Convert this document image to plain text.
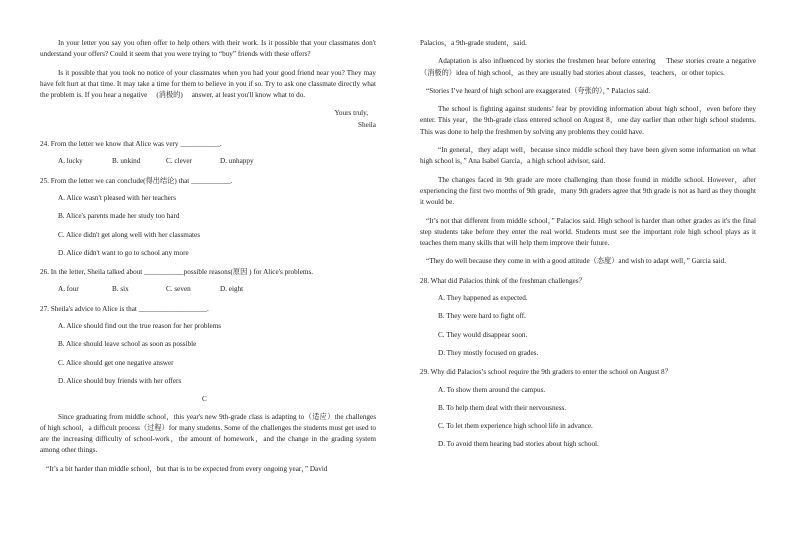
In your letter you say you often offer to help others with their work. Is it possible that your classmates don't understand your offers? Could it seem that you were trying to “buy” friends with these offers?

Is it possible that you took no notice of your classmates when you had your good friend near you? They may have felt hurt at that time. It may take a time for them to believe in you if so. Try to ask one classmate directly what the problem is. If you hear a negative 　(消极的)　 answer, at least you'll know what to do.

Yours truly,

Sheila

24. From the letter we know that Alice was very ___________.

A. lucky	B. unkind	C. clever	D. unhappy

25. From the letter we can conclude(得出结论) that ___________.

A. Alice wasn't pleased with her teachers

B. Alice's parents made her study too hard

C. Alice didn't get along well with her classmates

D. Alice didn't want to go to school any more

26. In the letter, Sheila talked about ___________possible reasons(原因 ) for Alice's problems.

A. four	B. six	C. seven	D. eight

27. Sheila's advice to Alice is that ___________________.

A. Alice should find out the true reason for her problems

B. Alice should leave school as soon as possible

C. Alice should get one negative answer

D. Alice should buy friends with her offers

C

Since graduating from middle school，this year's new 9th-grade class is adapting to（适应）the challenges of high school，a difficult process（过程）for many students. Some of the challenges the students must get used to are the increasing difficulty of school-work，the amount of homework，and the change in the grading system among other things.

“It’s a bit harder than middle school，but that is to be expected from every ongoing year，” David

Palacios，a 9th-grade student，said.

Adaptation is also influenced by stories the freshmen hear before entering　 These stories create a negative（消极的）idea of high school，as they are usually bad stories about classes，teachers，or other topics.

“Stories I’ve heard of high school are exaggerated（夸张的），” Palacios said.

The school is fighting against students’ fear by providing information about high school，even before they enter. This year，the 9th-grade class entered school on August 8，one day earlier than other high school students. This was done to help the freshmen by solving any problems they could have.

“In general，they adapt well，because since middle school they have been given some information on what high school is，” Ana Isabel Garcia，a high school advisor, said.

The changes faced in 9th grade are more challenging than those found in middle school. However，after experiencing the first two months of 9th grade，many 9th graders agree that 9th grade is not as hard as they thought it would be.

“It’s not that different from middle school，” Palacios said. High school is harder than other grades as it's the final step students take before they enter the real world. Students must see the important role high school plays as it teaches them many skills that will help them improve their future.

“They do well because they come in with a good attitude（态度）and wish to adapt well，” Garcia said.

28. What did Palacios think of the freshman challenges？

A. They happened as expected.

B. They were hard to fight off.

C. They would disappear soon.

D. They mostly focused on grades.

29. Why did Palacios’s school require the 9th graders to enter the school on August 8？

A. To show them around the campus.

B. To help them deal with their nervousness.

C. To let them experience high school life in advance.

D. To avoid them hearing bad stories about high school.
